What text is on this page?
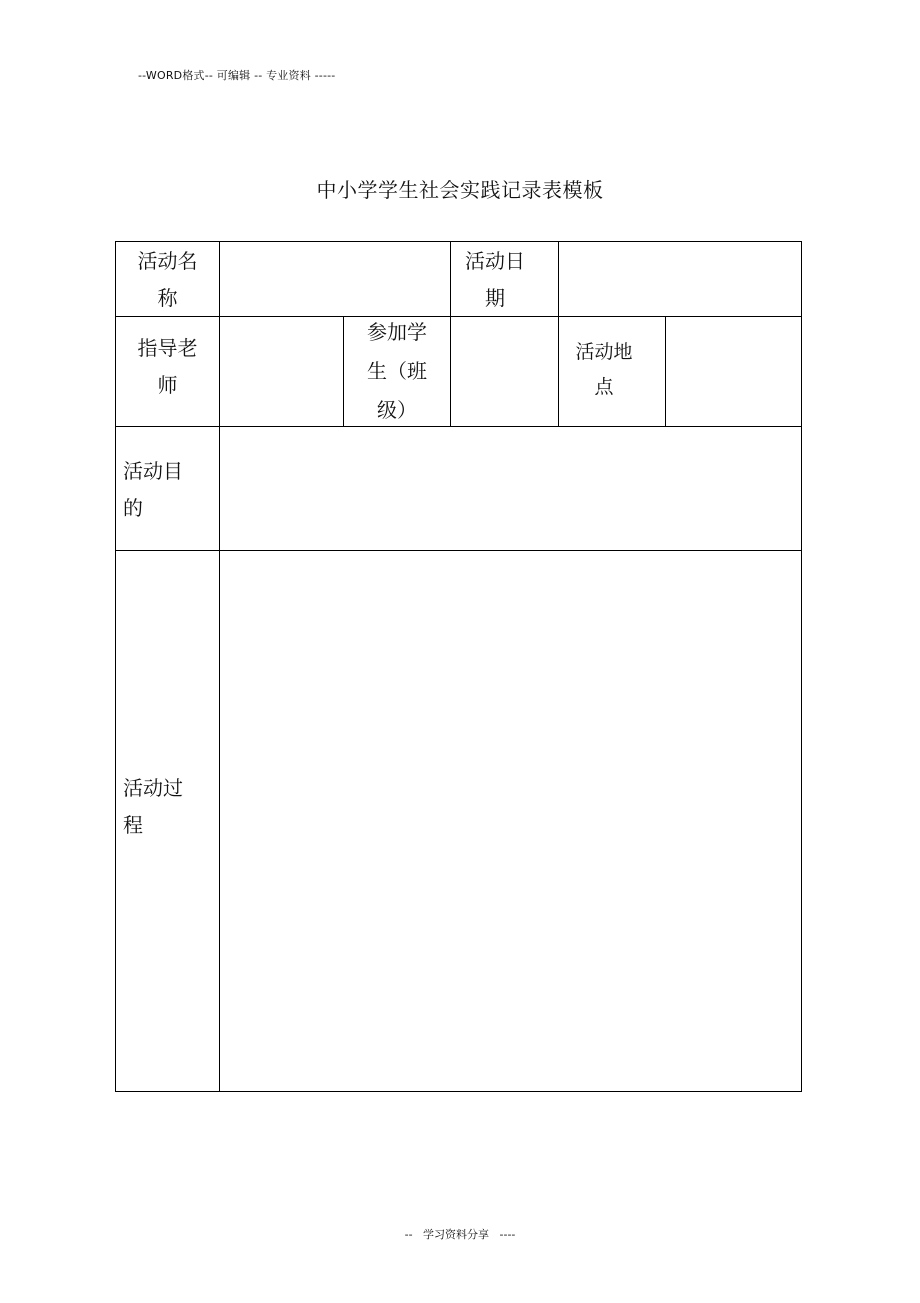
--WORD格式-- 可编辑 -- 专业资料 -----
中小学学生社会实践记录表模板
活动名
称
活动日
期
指导老
师
参加学
生（班
级）
活动地
点
活动目
的
活动过
程
--   学习资料分享   ----
